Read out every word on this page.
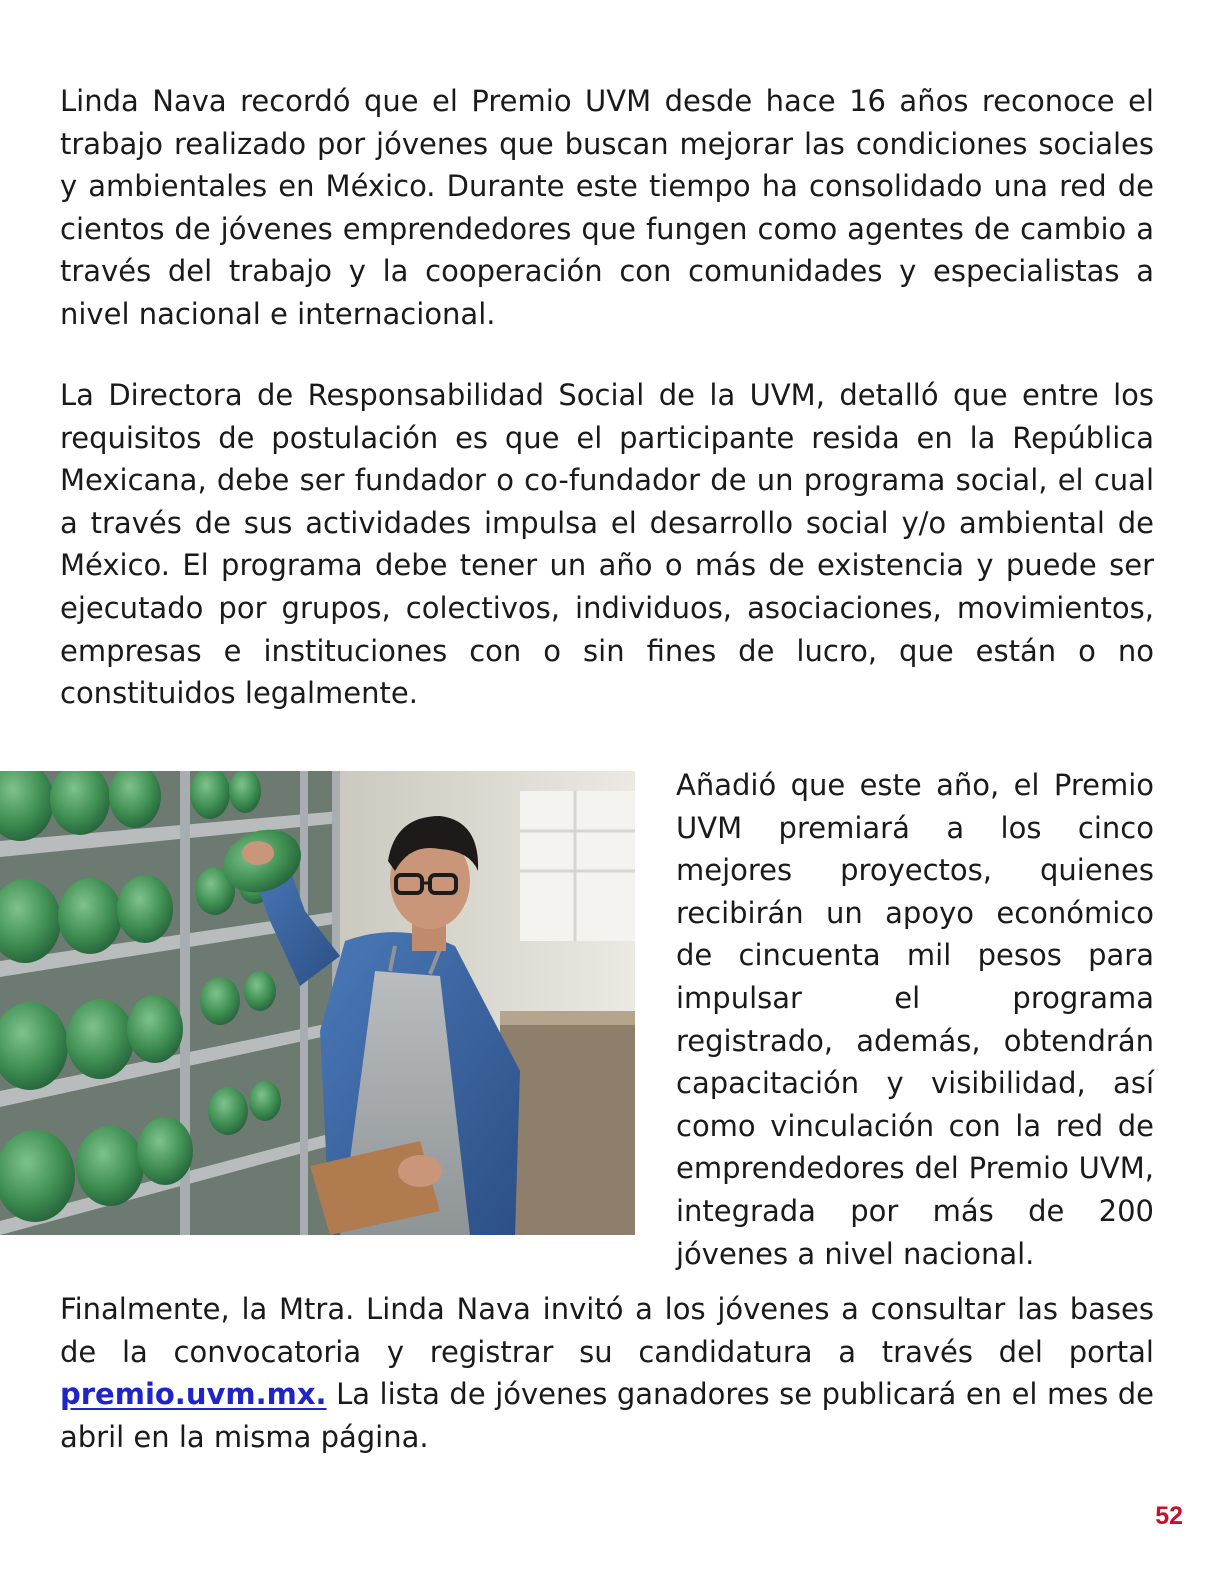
Linda Nava recordó que el Premio UVM desde hace 16 años reconoce el trabajo realizado por jóvenes que buscan mejorar las condiciones sociales y ambientales en México. Durante este tiempo ha consolidado una red de cientos de jóvenes emprendedores que fungen como agentes de cambio a través del trabajo y la cooperación con comunidades y especialistas a nivel nacional e internacional.

La Directora de Responsabilidad Social de la UVM, detalló que entre los requisitos de postulación es que el participante resida en la República Mexicana, debe ser fundador o co-fundador de un programa social, el cual a través de sus actividades impulsa el desarrollo social y/o ambiental de México. El programa debe tener un año o más de existencia y puede ser ejecutado por grupos, colectivos, individuos, asociaciones, movimientos, empresas e instituciones con o sin fines de lucro, que están o no constituidos legalmente.

Añadió que este año, el Premio UVM premiará a los cinco mejores proyectos, quienes recibirán un apoyo económico de cincuenta mil pesos para impulsar el programa registrado, además, obtendrán capacitación y visibilidad, así como vinculación con la red de emprendedores del Premio UVM, integrada por más de 200 jóvenes a nivel nacional.

Finalmente, la Mtra. Linda Nava invitó a los jóvenes a consultar las bases de la convocatoria y registrar su candidatura a través del portal premio.uvm.mx. La lista de jóvenes ganadores se publicará en el mes de abril en la misma página.

52
